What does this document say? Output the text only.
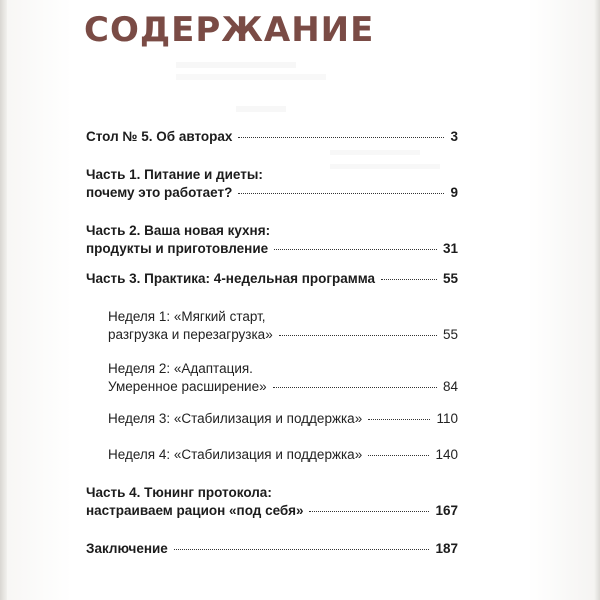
СОДЕРЖАНИЕ
Стол № 5. Об авторах	3
Часть 1. Питание и диеты:
почему это работает?	9
Часть 2. Ваша новая кухня:
продукты и приготовление	31
Часть 3. Практика: 4-недельная программа	55
Неделя 1: «Мягкий старт,
разгрузка и перезагрузка»	55
Неделя 2: «Адаптация.
Умеренное расширение»	84
Неделя 3: «Стабилизация и поддержка»	110
Неделя 4: «Стабилизация и поддержка»	140
Часть 4. Тюнинг протокола:
настраиваем рацион «под себя»	167
Заключение	187
